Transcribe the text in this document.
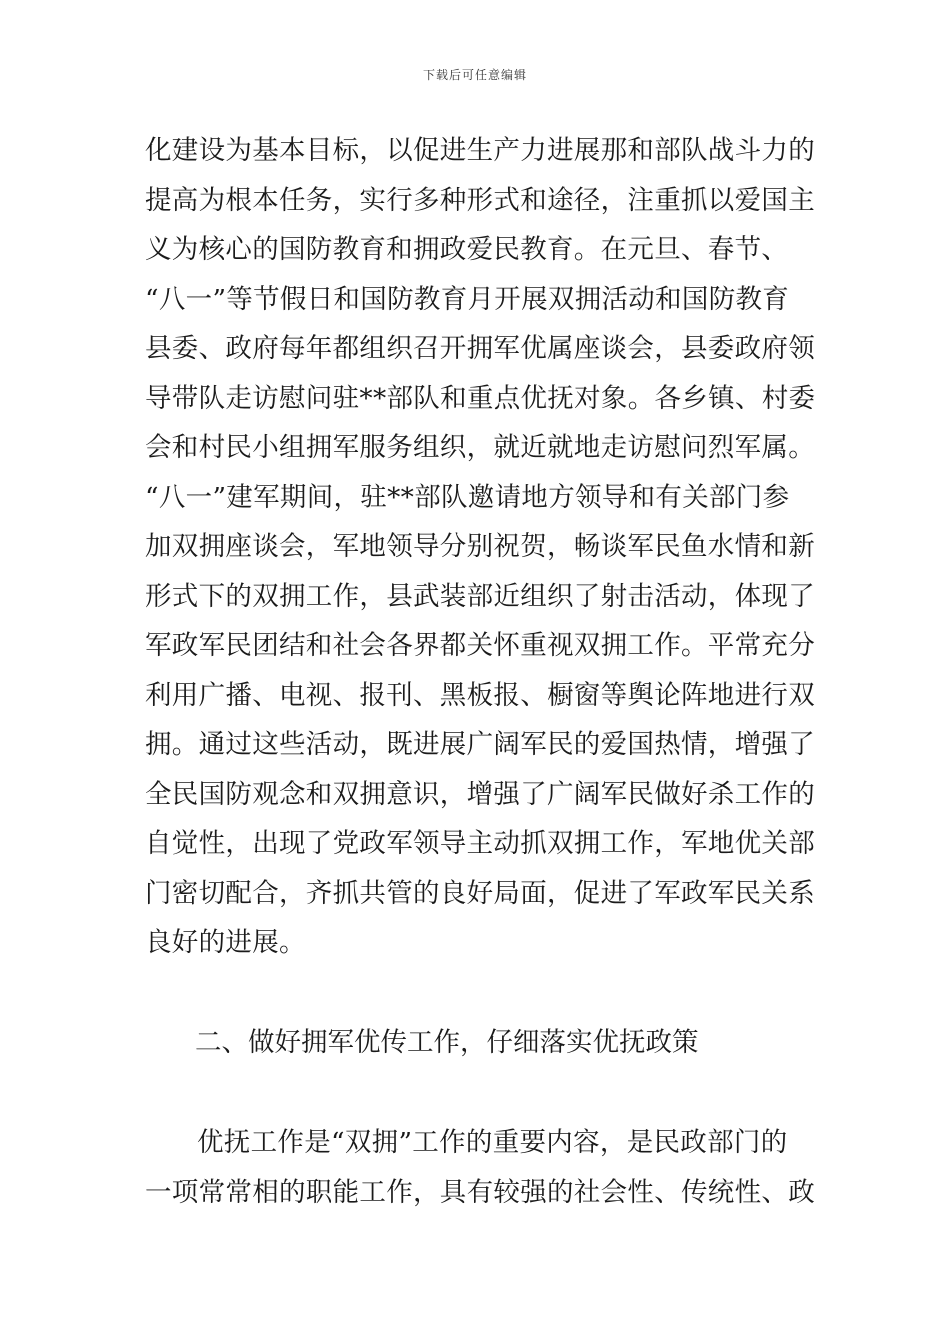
下载后可任意编辑
化建设为基本目标，以促进生产力进展那和部队战斗力的
提高为根本任务，实行多种形式和途径，注重抓以爱国主
义为核心的国防教育和拥政爱民教育。在元旦、春节、
“八一”等节假日和国防教育月开展双拥活动和国防教育
县委、政府每年都组织召开拥军优属座谈会，县委政府领
导带队走访慰问驻**部队和重点优抚对象。各乡镇、村委
会和村民小组拥军服务组织，就近就地走访慰问烈军属。
“八一”建军期间，驻**部队邀请地方领导和有关部门参
加双拥座谈会，军地领导分别祝贺，畅谈军民鱼水情和新
形式下的双拥工作，县武装部近组织了射击活动，体现了
军政军民团结和社会各界都关怀重视双拥工作。平常充分
利用广播、电视、报刊、黑板报、橱窗等舆论阵地进行双
拥。通过这些活动，既进展广阔军民的爱国热情，增强了
全民国防观念和双拥意识，增强了广阔军民做好杀工作的
自觉性，出现了党政军领导主动抓双拥工作，军地优关部
门密切配合，齐抓共管的良好局面，促进了军政军民关系
良好的进展。
二、做好拥军优传工作，仔细落实优抚政策
优抚工作是“双拥”工作的重要内容，是民政部门的
一项常常相的职能工作，具有较强的社会性、传统性、政
